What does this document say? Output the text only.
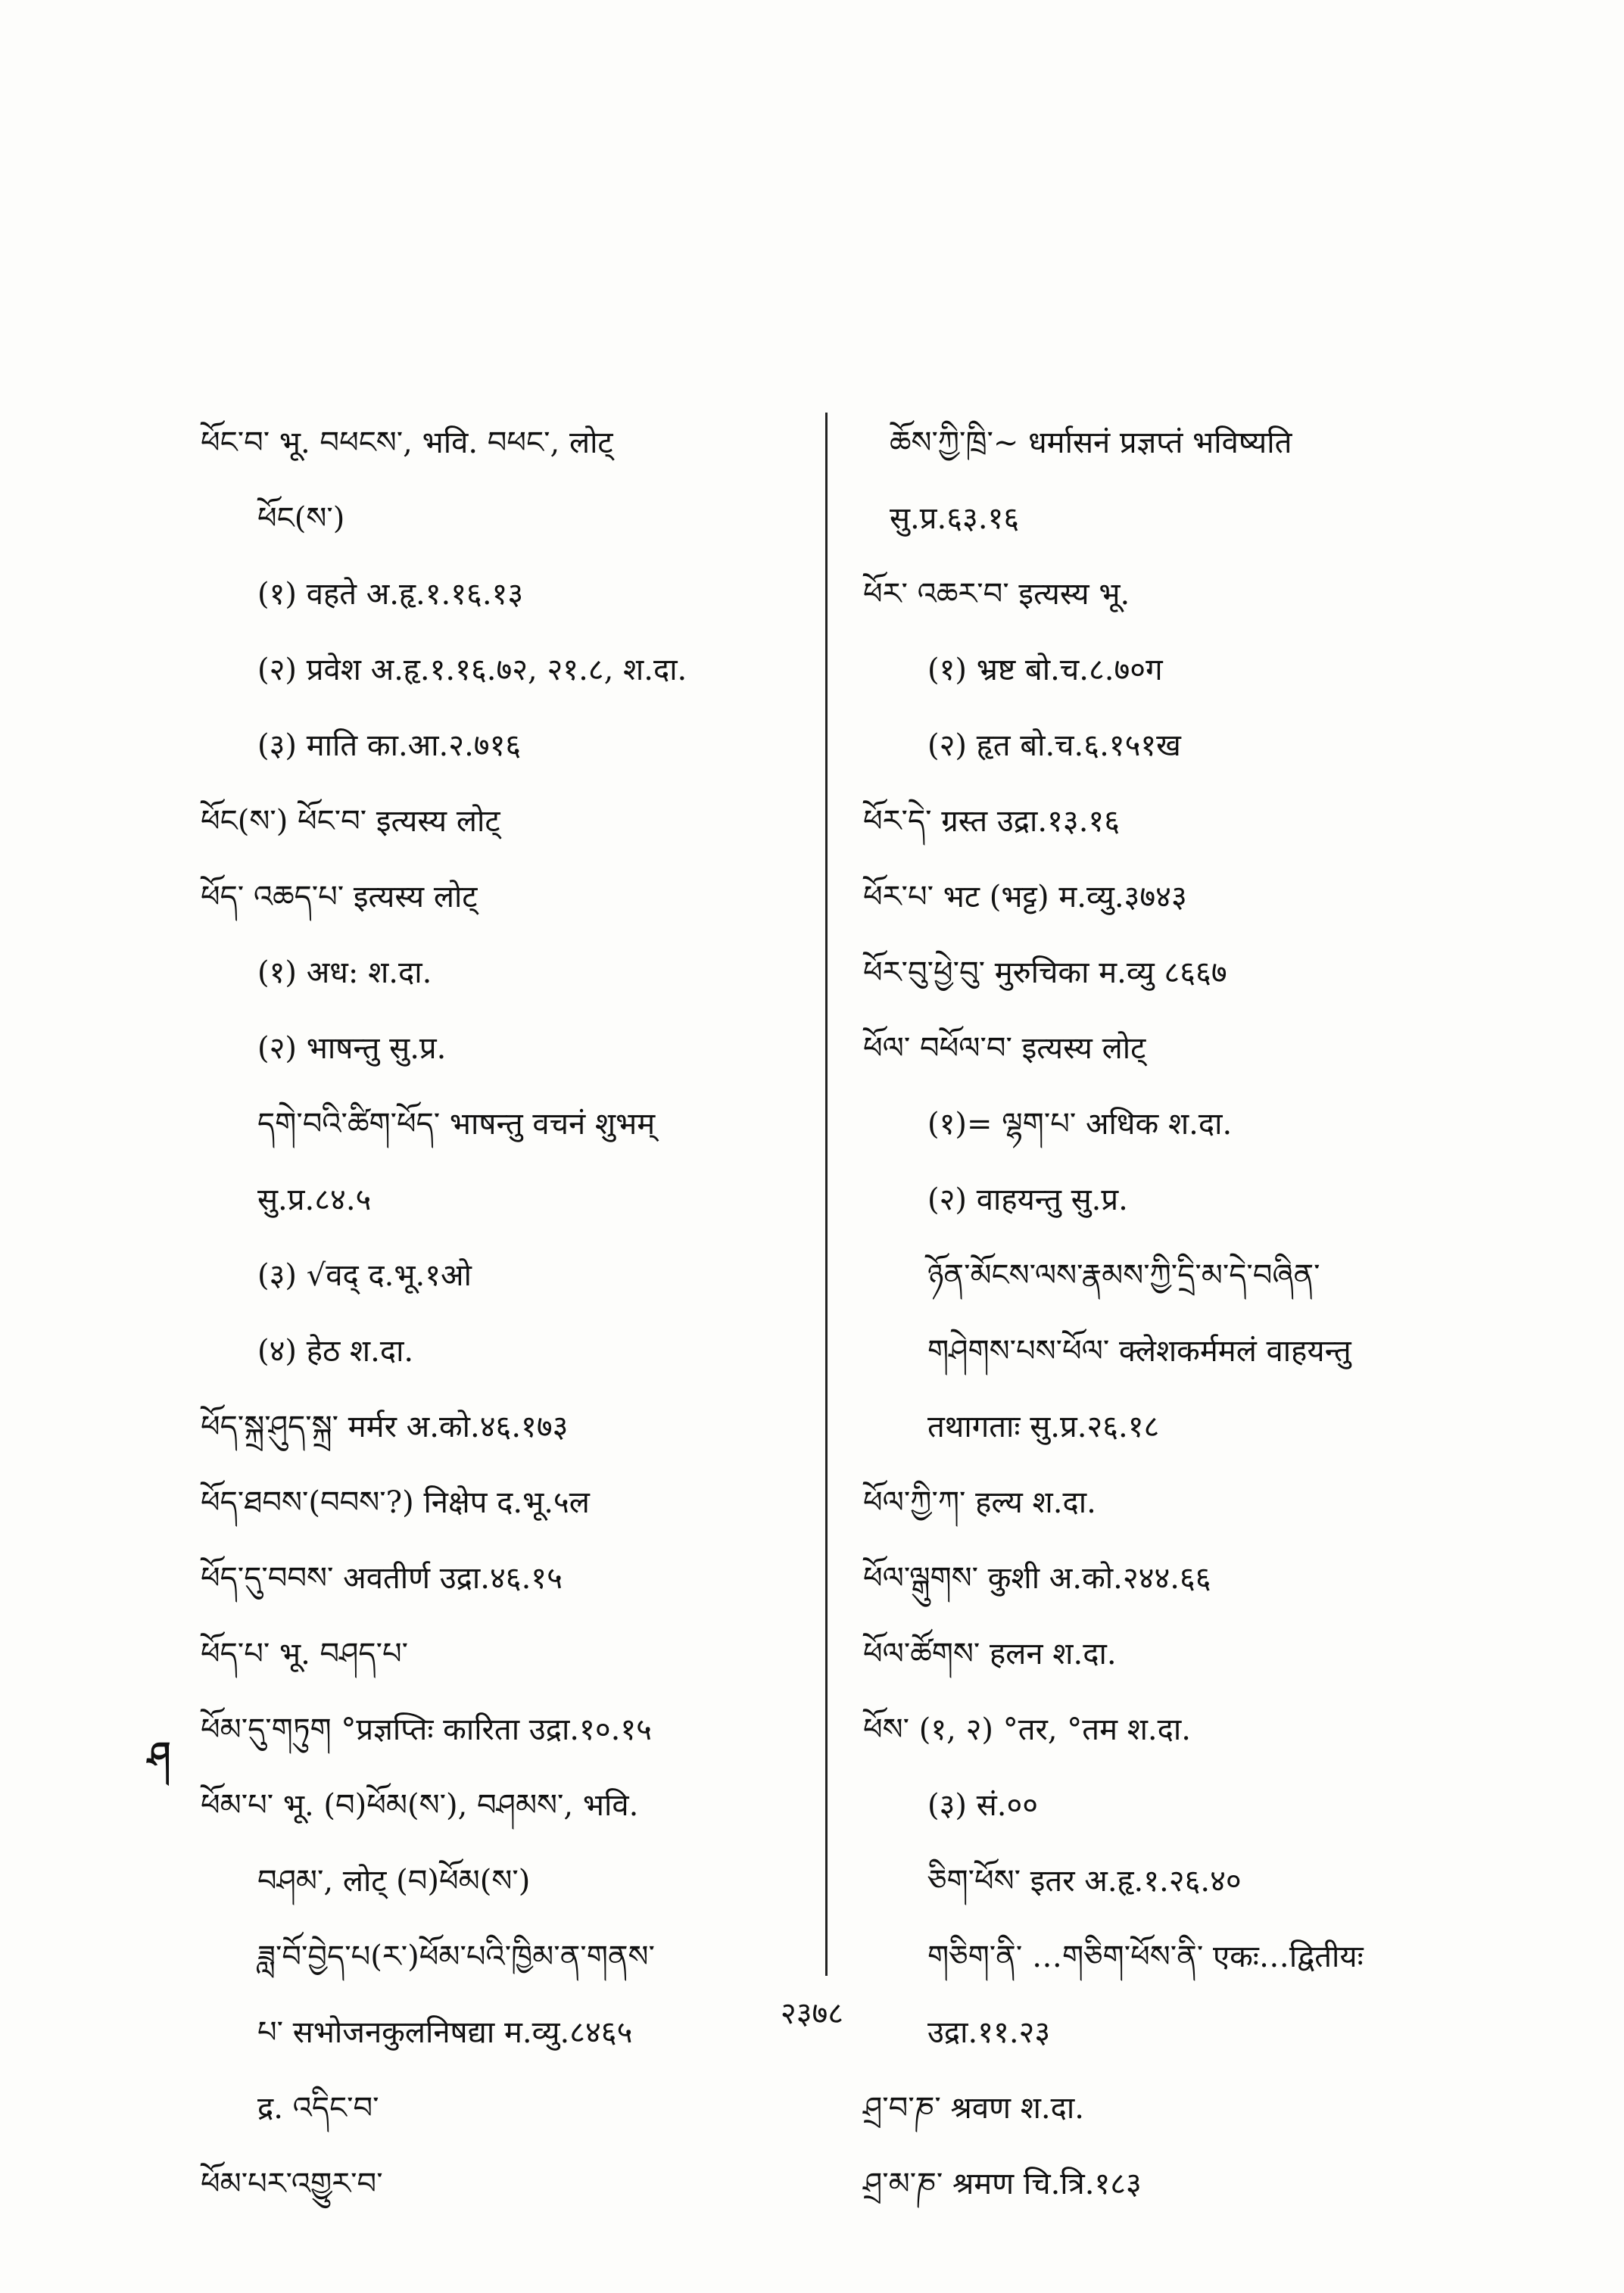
ཕོང་བ་ भू. བཕངས་, भवि. བཕང་, लोट्
ཕོང(ས་)
(१) वहते अ.हृ.१.१६.१३
(२) प्रवेश अ.हृ.१.१६.७२, २१.८, श.दा.
(३) माति का.आ.२.७१६
ཕོང(ས་) ཕོང་བ་ इत्यस्य लोट्
ཕོད་ འཆད་པ་ इत्यस्य लोट्
(१) अध: श.दा.
(२) भाषन्तु सु.प्र.
དགེ་བའི་ཚིག་ཕོད་ भाषन्तु वचनं शुभम्
सु.प्र.८४.५
(३) √वद् द.भू.१ओ
(४) हेठ श.दा.
ཕོད་སྐྲ་ཤུད་སྐྲ་ मर्मर अ.को.४६.१७३
ཕོད་ཐབས་(བབས་?) निक्षेप द.भू.५ल
ཕོད་དུ་བབས་ अवतीर्ण उद्रा.४६.१५
ཕོད་པ་ भू. བཤད་པ་
ཕོམ་དུ་གཏུག °प्रज्ञप्तिः कारिता उद्रा.१०.१५
ཕོམ་པ་ भू. (བ)ཕོམ(ས་), བཤམས་, भवि.
བཤམ་, लोट् (བ)ཕོམ(ས་)
ཟླ་བོ་བྱེད་པ(ར་)ཕོམ་པའི་ཁྱིམ་ན་གནས་
པ་ सभोजनकुलनिषद्या म.व्यु.८४६५
द्र. འདིང་བ་
ཕོམ་པར་འགྱུར་བ་
ཆོས་ཀྱི་ཁྲི་~ धर्मासनं प्रज्ञप्तं भविष्यति
सु.प्र.६३.१६
ཕོར་ འཆར་བ་ इत्यस्य भू.
(१) भ्रष्ट बो.च.८.७०ग
(२) हृत बो.च.६.१५१ख
ཕོར་དེ་ ग्रस्त उद्रा.१३.१६
ཕོར་པ་ भट (भट्ट) म.व्यु.३७४३
ཕོར་བུ་ཕྱེ་བུ་ मुरुचिका म.व्यु ८६६७
ཕོལ་ བཕོལ་བ་ इत्यस्य लोट्
(१)= ལྷག་པ་ अधिक श.दा.
(२) वाहयन्तु सु.प्र.
ཉོན་མོངས་ལས་རྣམས་ཀྱི་དྲི་མ་དེ་བཞིན་
གཤེགས་པས་ཕོལ་ क्लेशकर्ममलं वाहयन्तु
तथागताः सु.प्र.२६.१८
ཕོལ་ཀྱི་ཀ་ हल्य श.दा.
ཕོལ་ལྒུགས་ कुशी अ.को.२४४.६६
ཕོལ་ཚོགས་ हलन श.दा.
ཕོས་ (१, २) °तर, °तम श.दा.
(३) सं.००
ཅིག་ཕོས་ इतर अ.हृ.१.२६.४०
གཅིག་ནི་ …གཅིག་ཕོས་ནི་ एकः…द्वितीयः
उद्रा.११.२३
ཤྲ་བ་ཎ་ श्रवण श.दा.
ཤྲ་མ་ཎ་ श्रमण चि.त्रि.१८३
ཤ
२३७८
